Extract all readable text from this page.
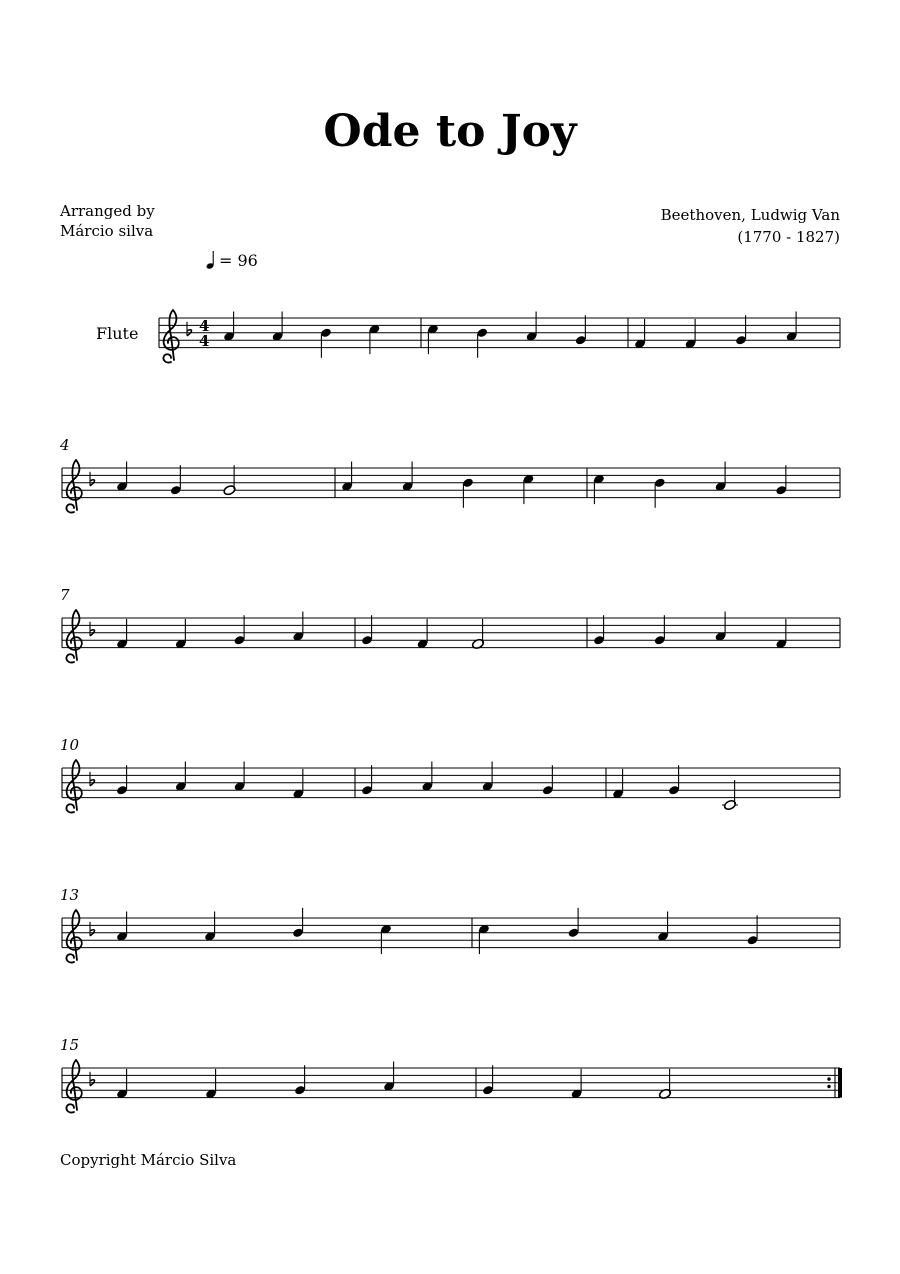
Ode to Joy
Arranged by
Márcio silva
Beethoven, Ludwig Van
(1770 - 1827)
= 96
Flute	4
4
4
7
10
13
15
Copyright Márcio Silva
